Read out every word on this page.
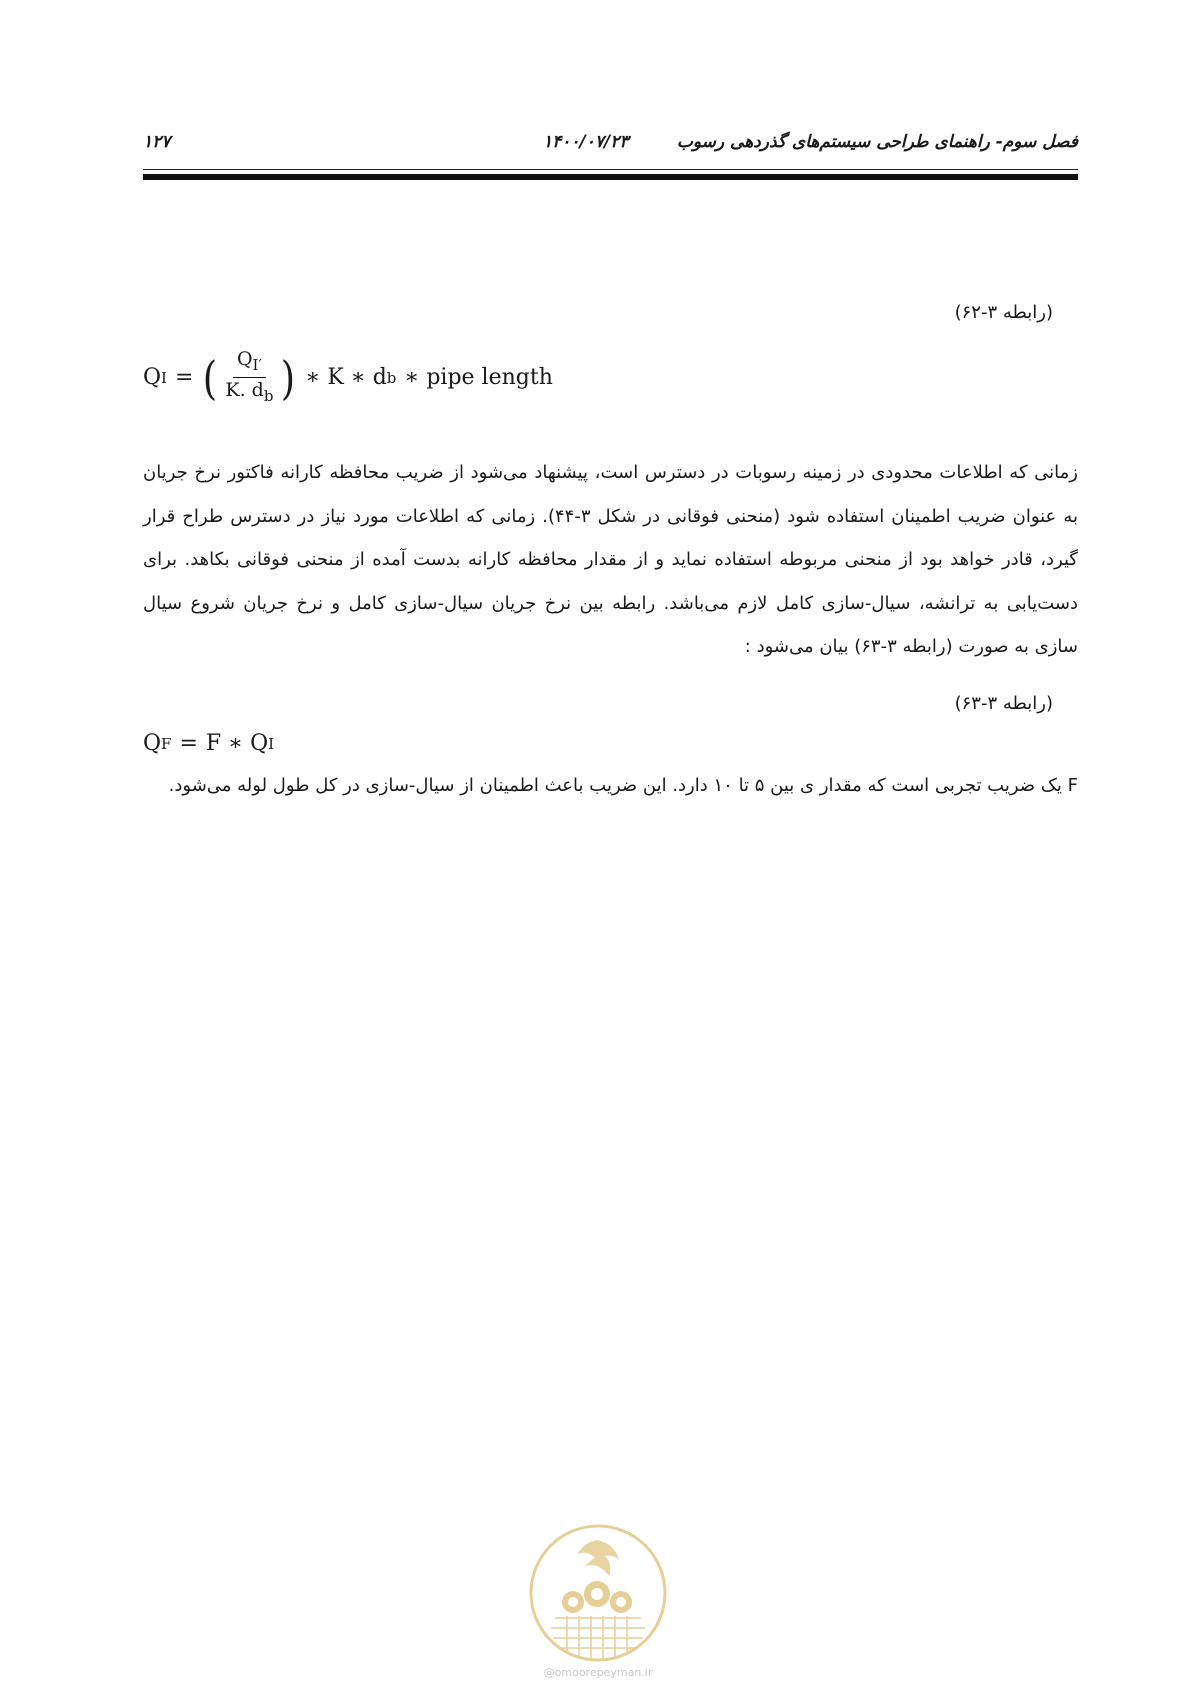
فصل سوم- راهنمای طراحی سیستم‌های گذردهی رسوب
۱۴۰۰/۰۷/۲۳
۱۲۷
(رابطه ۳-۶۲)
Q I = ( $\frac{Q_{I'}}{K. d_b}$ ) ∗ K ∗ d b ∗ pipe length
زمانی که اطلاعات محدودی در زمینه رسوبات در دسترس است، پیشنهاد می‌شود از ضریب محافظه کارانه فاکتور نرخ جریان به عنوان ضریب اطمینان استفاده شود (منحنی فوقانی در شکل ۳-۴۴). زمانی که اطلاعات مورد نیاز در دسترس طراح قرار گیرد، قادر خواهد بود از منحنی مربوطه استفاده نماید و از مقدار محافظه کارانه بدست آمده از منحنی فوقانی بکاهد. برای دست‌یابی به ترانشه، سیال-سازی کامل لازم می‌باشد. رابطه بین نرخ جریان سیال-سازی کامل و نرخ جریان شروع سیال سازی به صورت (رابطه ۳-۶۳) بیان می‌شود :
(رابطه ۳-۶۳)
Q F = F ∗ Q I
F یک ضریب تجربی است که مقدار ی بین ۵ تا ۱۰ دارد. این ضریب باعث اطمینان از سیال-سازی در کل طول لوله می‌شود.
امورپیمان
@omoorepeyman.ir
